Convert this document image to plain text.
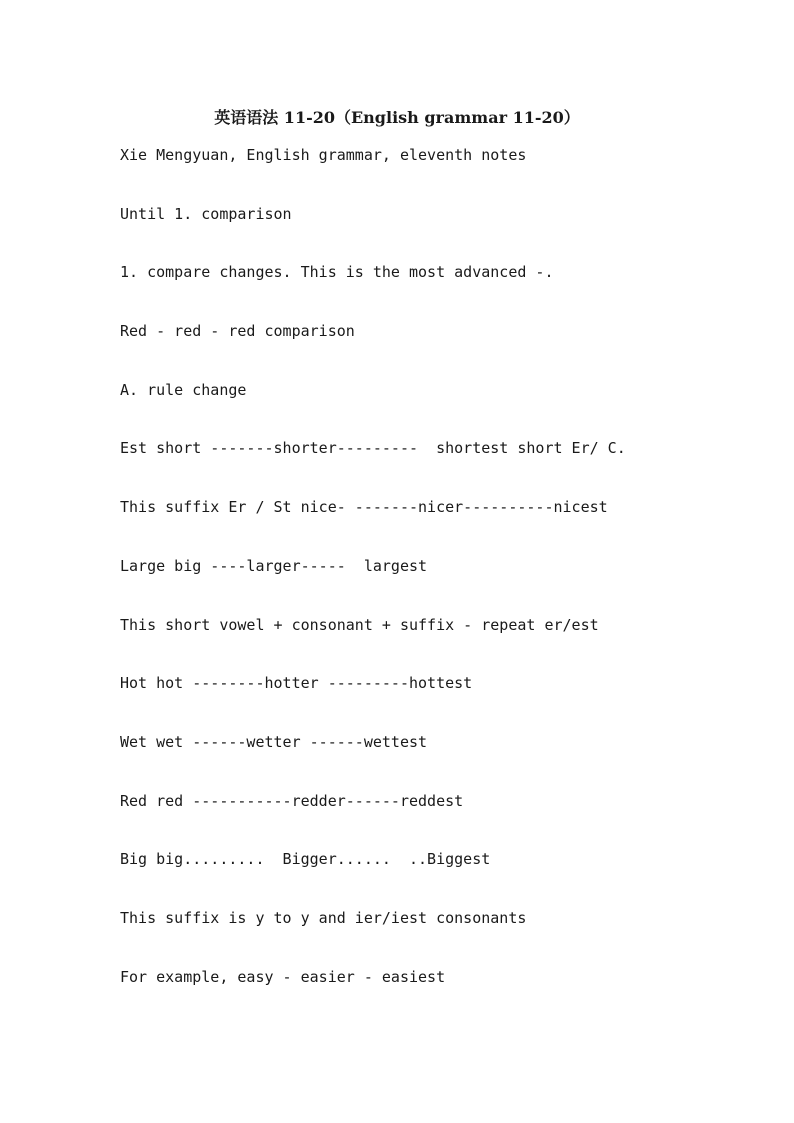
英语语法 11-20（English grammar 11-20）
Xie Mengyuan, English grammar, eleventh notes
Until 1. comparison
1. compare changes. This is the most advanced -.
Red - red - red comparison
A. rule change
Est short -------shorter---------  shortest short Er/ C.
This suffix Er / St nice- -------nicer----------nicest
Large big ----larger-----  largest
This short vowel + consonant + suffix - repeat er/est
Hot hot --------hotter ---------hottest
Wet wet ------wetter ------wettest
Red red -----------redder------reddest
Big big.........  Bigger......  ..Biggest
This suffix is y to y and ier/iest consonants
For example, easy - easier - easiest
